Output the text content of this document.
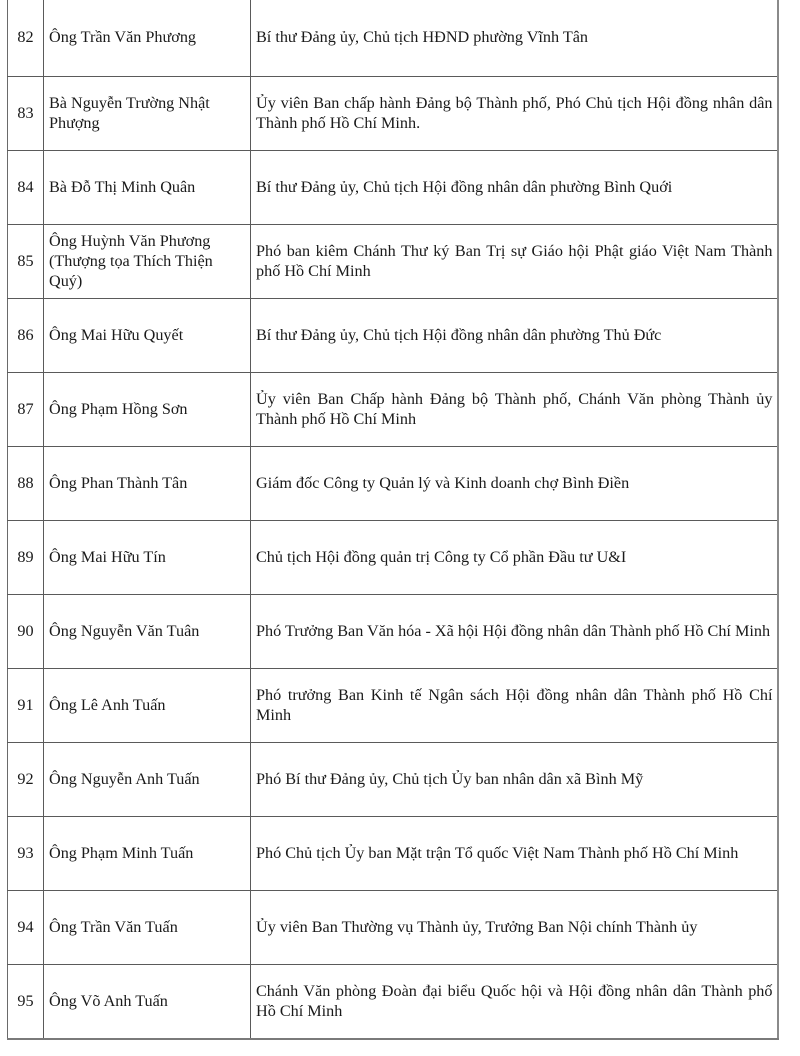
82	Ông Trần Văn Phương	Bí thư Đảng ủy, Chủ tịch HĐND phường Vĩnh Tân
83	Bà Nguyễn Trường Nhật Phượng	Ủy viên Ban chấp hành Đảng bộ Thành phố, Phó Chủ tịch Hội đồng nhân dân Thành phố Hồ Chí Minh.
84	Bà Đỗ Thị Minh Quân	Bí thư Đảng ủy, Chủ tịch Hội đồng nhân dân phường Bình Quới
85	Ông Huỳnh Văn Phương (Thượng tọa Thích Thiện Quý)	Phó ban kiêm Chánh Thư ký Ban Trị sự Giáo hội Phật giáo Việt Nam Thành phố Hồ Chí Minh
86	Ông Mai Hữu Quyết	Bí thư Đảng ủy, Chủ tịch Hội đồng nhân dân phường Thủ Đức
87	Ông Phạm Hồng Sơn	Ủy viên Ban Chấp hành Đảng bộ Thành phố, Chánh Văn phòng Thành ủy Thành phố Hồ Chí Minh
88	Ông Phan Thành Tân	Giám đốc Công ty Quản lý và Kinh doanh chợ Bình Điền
89	Ông Mai Hữu Tín	Chủ tịch Hội đồng quản trị Công ty Cổ phần Đầu tư U&I
90	Ông Nguyễn Văn Tuân	Phó Trưởng Ban Văn hóa - Xã hội Hội đồng nhân dân Thành phố Hồ Chí Minh
91	Ông Lê Anh Tuấn	Phó trưởng Ban Kinh tế Ngân sách Hội đồng nhân dân Thành phố Hồ Chí Minh
92	Ông Nguyễn Anh Tuấn	Phó Bí thư Đảng ủy, Chủ tịch Ủy ban nhân dân xã Bình Mỹ
93	Ông Phạm Minh Tuấn	Phó Chủ tịch Ủy ban Mặt trận Tổ quốc Việt Nam Thành phố Hồ Chí Minh
94	Ông Trần Văn Tuấn	Ủy viên Ban Thường vụ Thành ủy, Trưởng Ban Nội chính Thành ủy
95	Ông Võ Anh Tuấn	Chánh Văn phòng Đoàn đại biểu Quốc hội và Hội đồng nhân dân Thành phố Hồ Chí Minh
